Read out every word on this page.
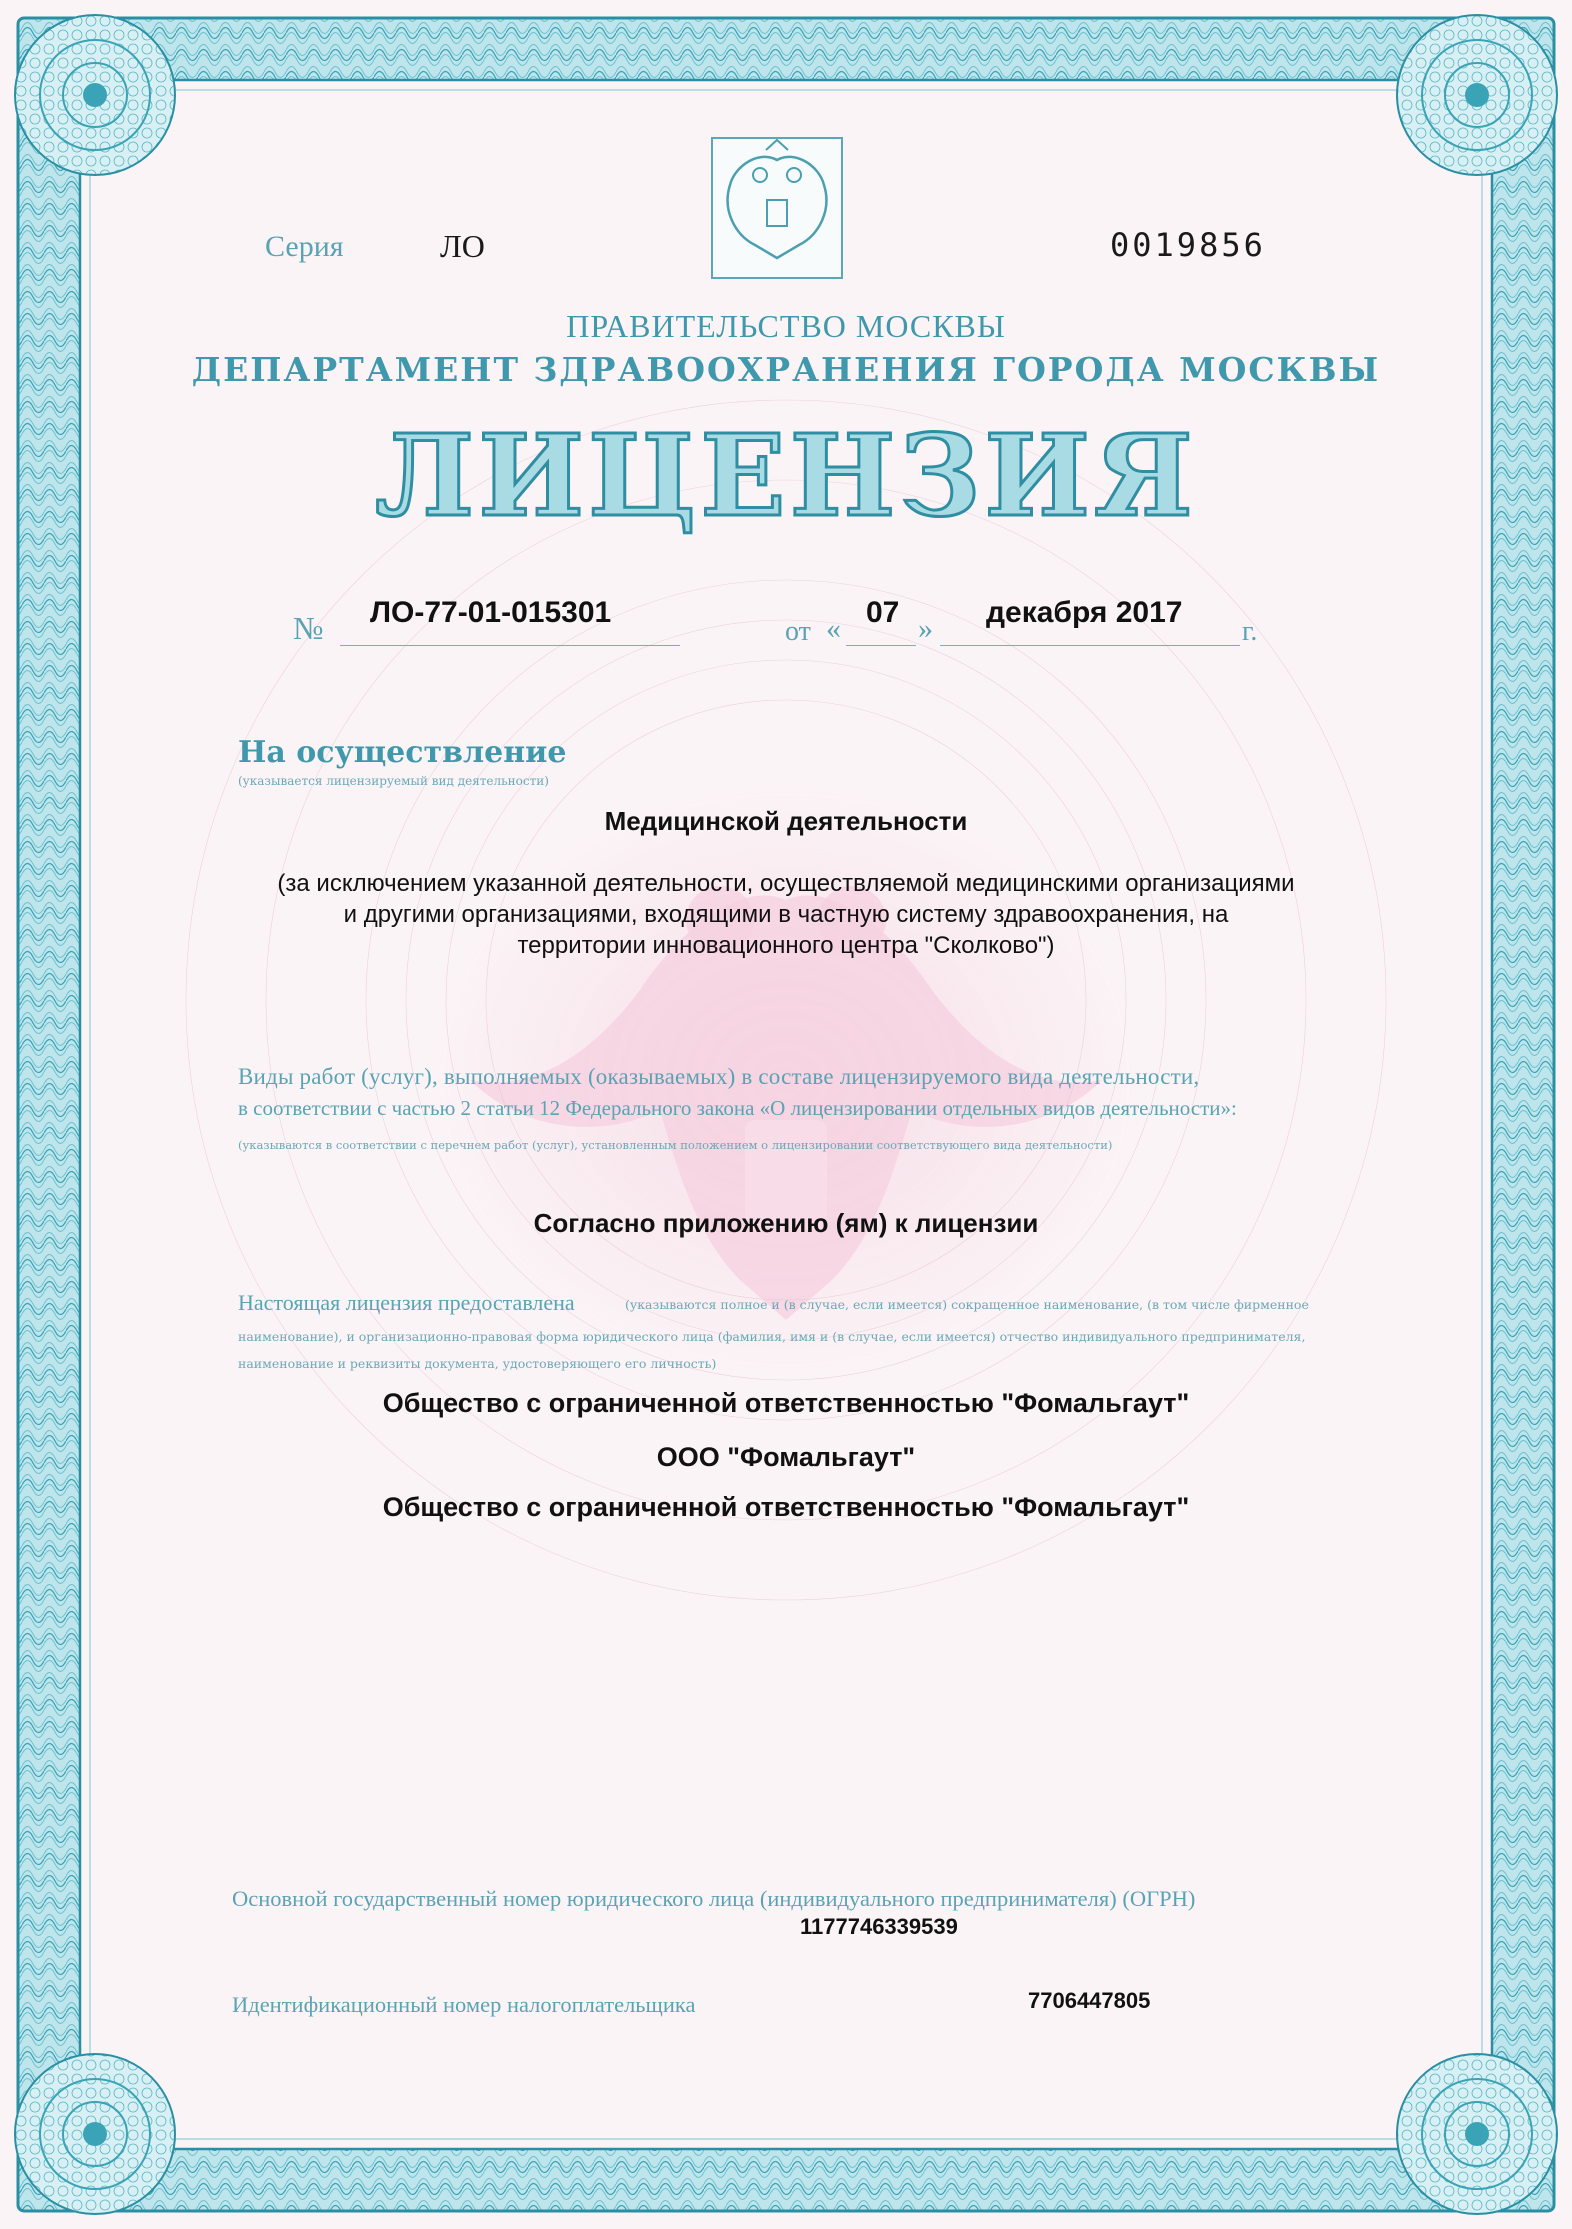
ЛИЦЕНЗИЯ
Серия	ЛО	0019856
ПРАВИТЕЛЬСТВО МОСКВЫ
ДЕПАРТАМЕНТ ЗДРАВООХРАНЕНИЯ ГОРОДА МОСКВЫ
№ ЛО-77-01-015301
от « 07 » декабря 2017
г.
На осуществление
(указывается лицензируемый вид деятельности)
Медицинской деятельности
(за исключением указанной деятельности, осуществляемой медицинскими организациями
и другими организациями, входящими в частную систему здравоохранения, на
территории инновационного центра "Сколково")
Виды работ (услуг), выполняемых (оказываемых) в составе лицензируемого вида деятельности,
в соответствии с частью 2 статьи 12 Федерального закона «О лицензировании отдельных видов деятельности»:
(указываются в соответствии с перечнем работ (услуг), установленным положением о лицензировании соответствующего вида деятельности)
Согласно приложению (ям) к лицензии
Настоящая лицензия предоставлена	(указываются полное и (в случае, если имеется) сокращенное наименование, (в том числе фирменное
наименование), и организационно-правовая форма юридического лица (фамилия, имя и (в случае, если имеется) отчество индивидуального предпринимателя,
наименование и реквизиты документа, удостоверяющего его личность)
Общество с ограниченной ответственностью "Фомальгаут"
ООО "Фомальгаут"
Общество с ограниченной ответственностью "Фомальгаут"
Основной государственный номер юридического лица (индивидуального предпринимателя) (ОГРН)
1177746339539
Идентификационный номер налогоплательщика	7706447805
